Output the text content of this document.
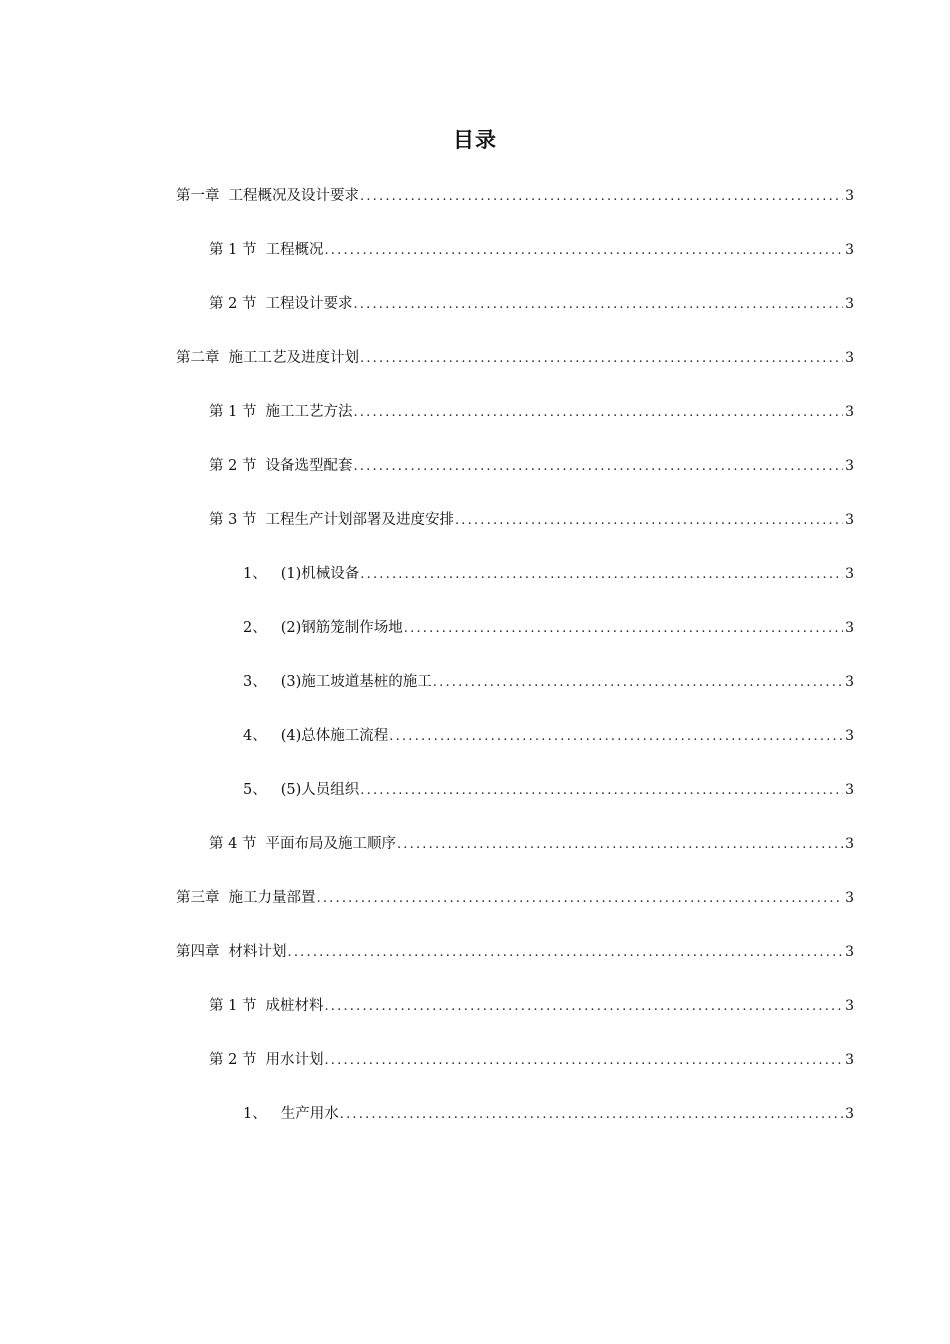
目录
第一章 工程概况及设计要求 .....	3
第 1 节 工程概况 .....	3
第 2 节 工程设计要求 .....	3
第二章 施工工艺及进度计划 .....	3
第 1 节 施工工艺方法 .....	3
第 2 节 设备选型配套 .....	3
第 3 节 工程生产计划部署及进度安排 .....	3
1、 (1)机械设备 .....	3
2、 (2)钢筋笼制作场地 .....	3
3、 (3)施工坡道基桩的施工 .....	3
4、 (4)总体施工流程 .....	3
5、 (5)人员组织 .....	3
第 4 节 平面布局及施工顺序 .....	3
第三章 施工力量部置 .....	3
第四章 材料计划 .....	3
第 1 节 成桩材料 .....	3
第 2 节 用水计划 .....	3
1、 生产用水 .....	3
